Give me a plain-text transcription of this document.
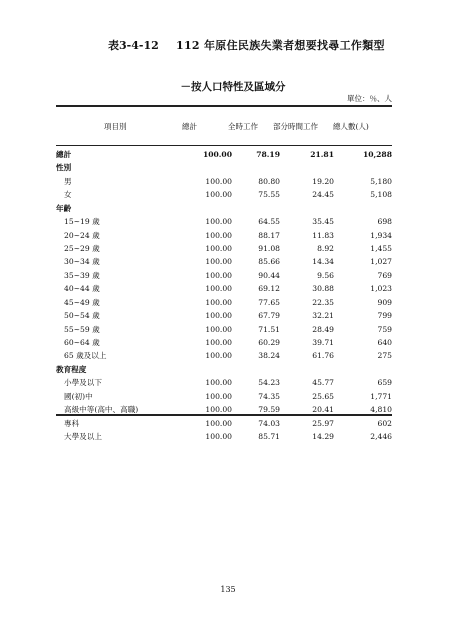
表3-4-12 112 年原住民族失業者想要找尋工作類型
－按人口特性及區域分
單位：％、人
項目別	總計	全時工作 部分時間工作 總人數(人)
總計	100.00	78.19	21.81	10,288
性別
男	100.00	80.80	19.20	5,180
女	100.00	75.55	24.45	5,108
年齡
15~19 歲	100.00	64.55	35.45	698
20~24 歲	100.00	88.17	11.83	1,934
25~29 歲	100.00	91.08	8.92	1,455
30~34 歲	100.00	85.66	14.34	1,027
35~39 歲	100.00	90.44	9.56	769
40~44 歲	100.00	69.12	30.88	1,023
45~49 歲	100.00	77.65	22.35	909
50~54 歲	100.00	67.79	32.21	799
55~59 歲	100.00	71.51	28.49	759
60~64 歲	100.00	60.29	39.71	640
65 歲及以上	100.00	38.24	61.76	275
教育程度
小學及以下	100.00	54.23	45.77	659
國(初)中	100.00	74.35	25.65	1,771
高級中等(高中、高職)	100.00	79.59	20.41	4,810
專科	100.00	74.03	25.97	602
大學及以上	100.00	85.71	14.29	2,446
135
